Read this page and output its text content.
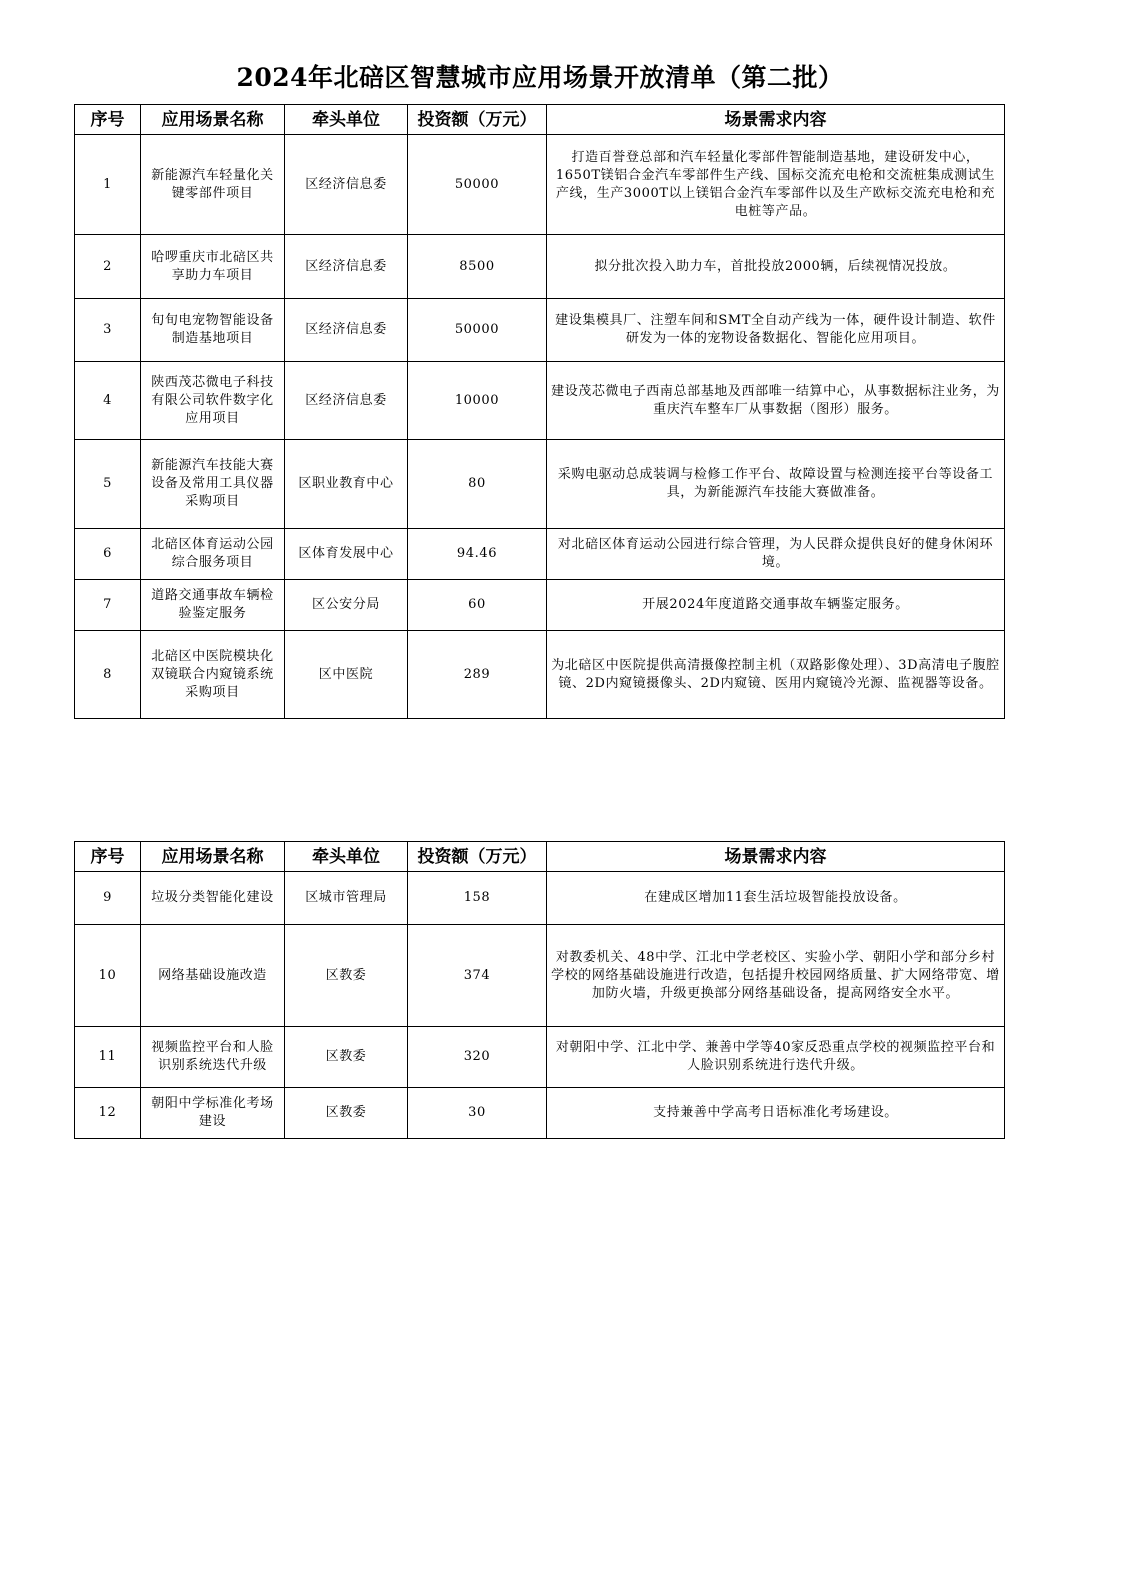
2024年北碚区智慧城市应用场景开放清单（第二批）
序号	应用场景名称	牵头单位	投资额（万元）	场景需求内容
1	新能源汽车轻量化关键零部件项目	区经济信息委	50000	打造百誉登总部和汽车轻量化零部件智能制造基地，建设研发中心，1650T镁铝合金汽车零部件生产线、国标交流充电枪和交流桩集成测试生产线，生产3000T以上镁铝合金汽车零部件以及生产欧标交流充电枪和充电桩等产品。
2	哈啰重庆市北碚区共享助力车项目	区经济信息委	8500	拟分批次投入助力车，首批投放2000辆，后续视情况投放。
3	旬旬电宠物智能设备制造基地项目	区经济信息委	50000	建设集模具厂、注塑车间和SMT全自动产线为一体，硬件设计制造、软件研发为一体的宠物设备数据化、智能化应用项目。
4	陕西茂芯微电子科技有限公司软件数字化应用项目	区经济信息委	10000	建设茂芯微电子西南总部基地及西部唯一结算中心，从事数据标注业务，为重庆汽车整车厂从事数据（图形）服务。
5	新能源汽车技能大赛设备及常用工具仪器采购项目	区职业教育中心	80	采购电驱动总成装调与检修工作平台、故障设置与检测连接平台等设备工具，为新能源汽车技能大赛做准备。
6	北碚区体育运动公园综合服务项目	区体育发展中心	94.46	对北碚区体育运动公园进行综合管理，为人民群众提供良好的健身休闲环境。
7	道路交通事故车辆检验鉴定服务	区公安分局	60	开展2024年度道路交通事故车辆鉴定服务。
8	北碚区中医院模块化双镜联合内窥镜系统采购项目	区中医院	289	为北碚区中医院提供高清摄像控制主机（双路影像处理）、3D高清电子腹腔镜、2D内窥镜摄像头、2D内窥镜、医用内窥镜冷光源、监视器等设备。
序号	应用场景名称	牵头单位	投资额（万元）	场景需求内容
9	垃圾分类智能化建设	区城市管理局	158	在建成区增加11套生活垃圾智能投放设备。
10	网络基础设施改造	区教委	374	对教委机关、48中学、江北中学老校区、实验小学、朝阳小学和部分乡村学校的网络基础设施进行改造，包括提升校园网络质量、扩大网络带宽、增加防火墙，升级更换部分网络基础设备，提高网络安全水平。
11	视频监控平台和人脸识别系统迭代升级	区教委	320	对朝阳中学、江北中学、兼善中学等40家反恐重点学校的视频监控平台和人脸识别系统进行迭代升级。
12	朝阳中学标准化考场建设	区教委	30	支持兼善中学高考日语标准化考场建设。
